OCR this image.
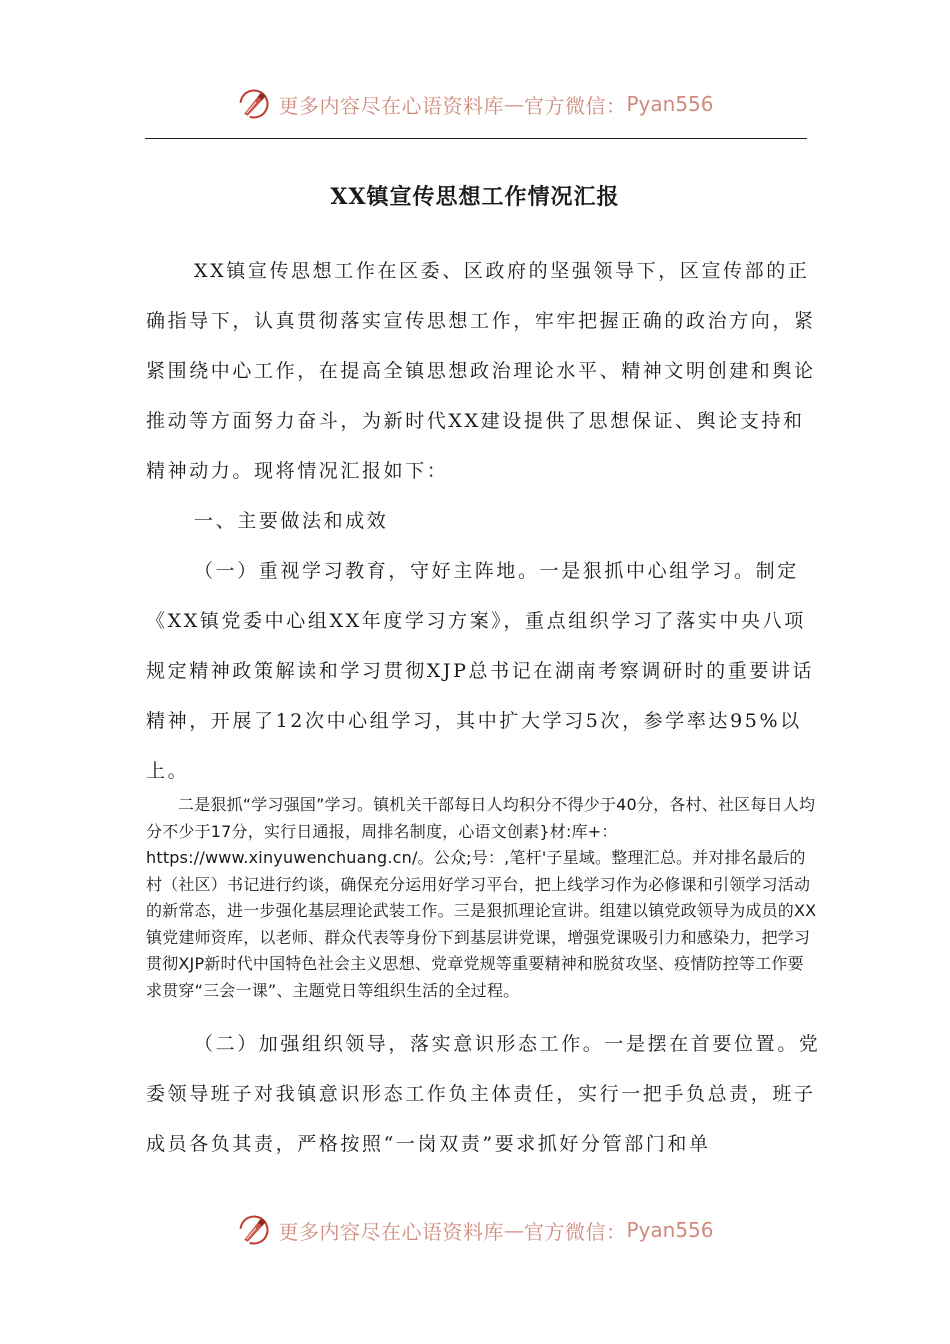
更多内容尽在心语资料库 — 官方微信： Pyan556
XX镇宣传思想工作情况汇报

XX镇宣传思想工作在区委、区政府的坚强领导下，区宣传部的正确指导下，认真贯彻落实宣传思想工作，牢牢把握正确的政治方向，紧紧围绕中心工作，在提高全镇思想政治理论水平、精神文明创建和舆论推动等方面努力奋斗，为新时代XX建设提供了思想保证、舆论支持和精神动力。现将情况汇报如下：

一、主要做法和成效

（一）重视学习教育，守好主阵地。一是狠抓中心组学习。制定《XX镇党委中心组XX年度学习方案》，重点组织学习了落实中央八项规定精神政策解读和学习贯彻XJP总书记在湖南考察调研时的重要讲话精神，开展了12次中心组学习，其中扩大学习5次，参学率达95%以上。

二是狠抓“学习强国”学习。镇机关干部每日人均积分不得少于40分，各村、社区每日人均分不少于17分，实行日通报，周排名制度，心语文创素}材:库+：https://www.xinyuwenchuang.cn/。公众;号：,笔杆'子星域。整理汇总。并对排名最后的村（社区）书记进行约谈，确保充分运用好学习平台，把上线学习作为必修课和引领学习活动的新常态，进一步强化基层理论武装工作。三是狠抓理论宣讲。组建以镇党政领导为成员的XX镇党建师资库，以老师、群众代表等身份下到基层讲党课，增强党课吸引力和感染力，把学习贯彻XJP新时代中国特色社会主义思想、党章党规等重要精神和脱贫攻坚、疫情防控等工作要求贯穿“三会一课”、主题党日等组织生活的全过程。

（二）加强组织领导，落实意识形态工作。一是摆在首要位置。党委领导班子对我镇意识形态工作负主体责任，实行一把手负总责，班子成员各负其责，严格按照“一岗双责”要求抓好分管部门和单

更多内容尽在心语资料库 — 官方微信： Pyan556
